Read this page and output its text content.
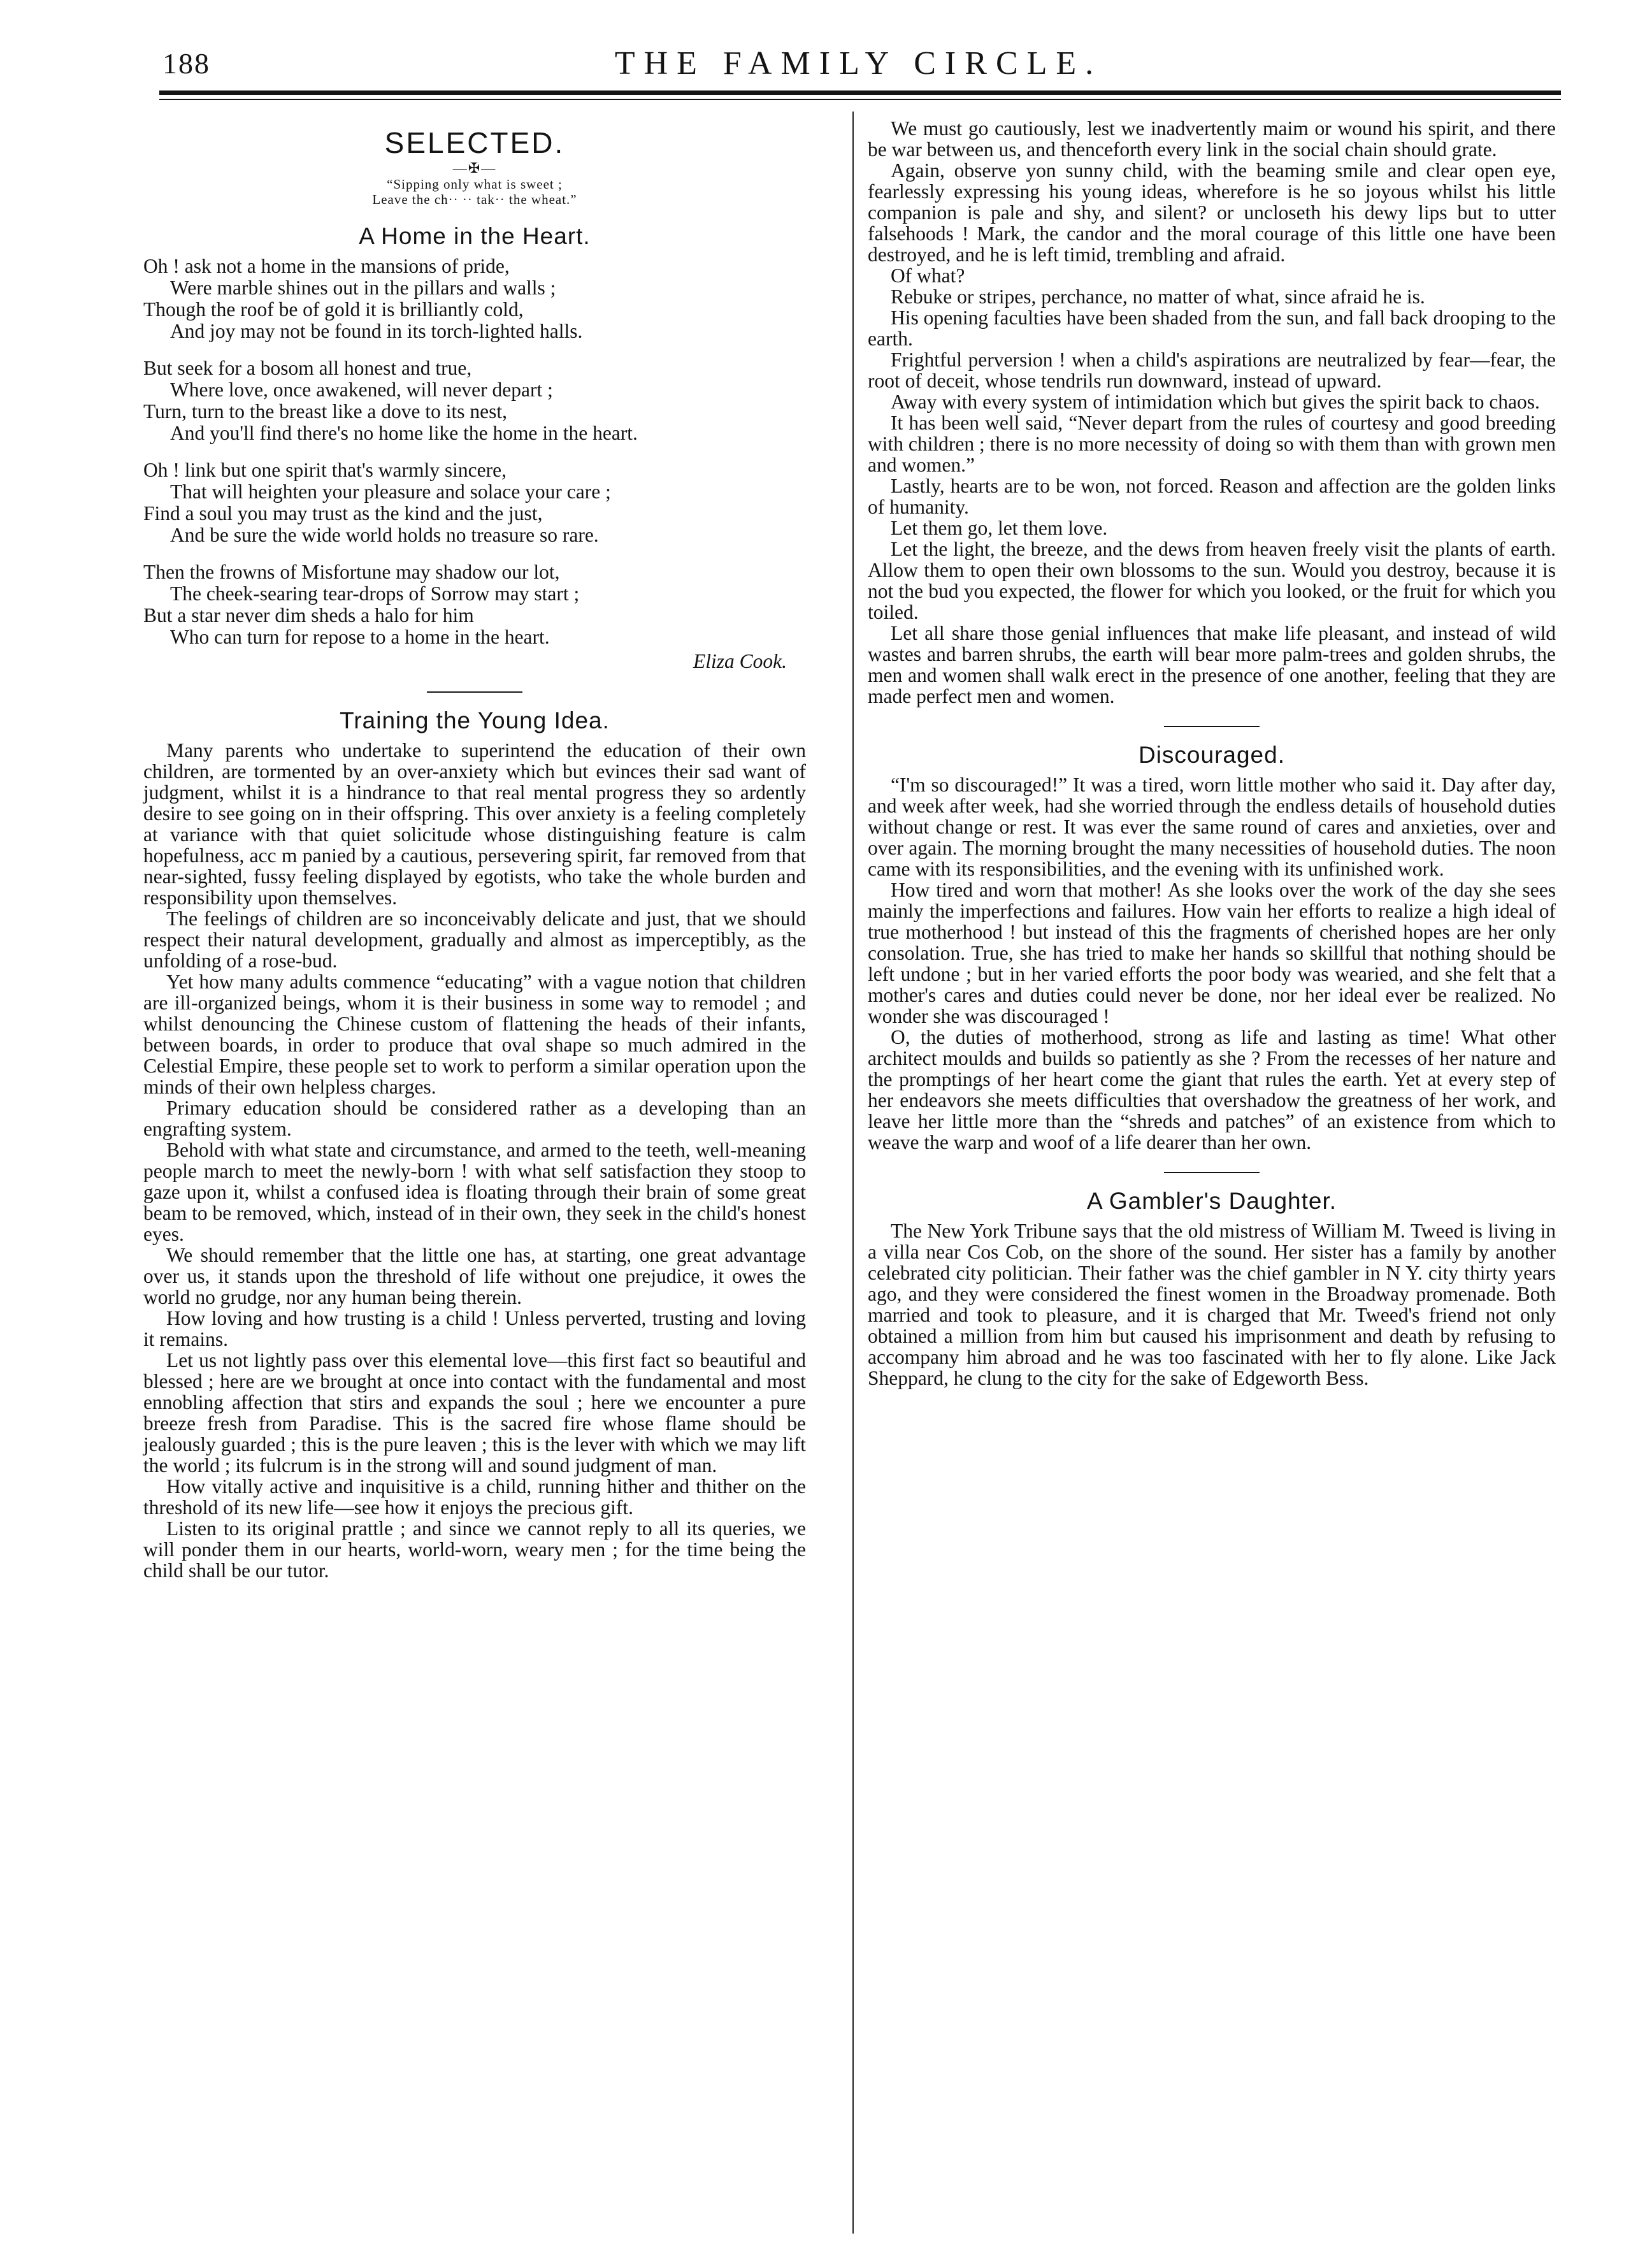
188	THE FAMILY CIRCLE.
SELECTED.
—✠—
“Sipping only what is sweet ;
Leave the ch·· ·· tak·· the wheat.”
A Home in the Heart.
Oh ! ask not a home in the mansions of pride,
Were marble shines out in the pillars and walls ;
Though the roof be of gold it is brilliantly cold,
And joy may not be found in its torch-lighted halls.
But seek for a bosom all honest and true,
Where love, once awakened, will never depart ;
Turn, turn to the breast like a dove to its nest,
And you'll find there's no home like the home in the heart.
Oh ! link but one spirit that's warmly sincere,
That will heighten your pleasure and solace your care ;
Find a soul you may trust as the kind and the just,
And be sure the wide world holds no treasure so rare.
Then the frowns of Misfortune may shadow our lot,
The cheek-searing tear-drops of Sorrow may start ;
But a star never dim sheds a halo for him
Who can turn for repose to a home in the heart.
Eliza Cook.
Training the Young Idea.

Many parents who undertake to superintend the education of their own children, are tormented by an over-anxiety which but evinces their sad want of judgment, whilst it is a hindrance to that real mental progress they so ardently desire to see going on in their offspring. This over anxiety is a feeling completely at variance with that quiet solicitude whose distinguishing feature is calm hopefulness, acc m panied by a cautious, persevering spirit, far removed from that near-sighted, fussy feeling displayed by egotists, who take the whole burden and responsibility upon themselves.

The feelings of children are so inconceivably delicate and just, that we should respect their natural development, gradually and almost as imperceptibly, as the unfolding of a rose-bud.

Yet how many adults commence “educating” with a vague notion that children are ill-organized beings, whom it is their business in some way to remodel ; and whilst denouncing the Chinese custom of flattening the heads of their infants, between boards, in order to produce that oval shape so much admired in the Celestial Empire, these people set to work to perform a similar operation upon the minds of their own helpless charges.

Primary education should be considered rather as a developing than an engrafting system.

Behold with what state and circumstance, and armed to the teeth, well-meaning people march to meet the newly-born ! with what self satisfaction they stoop to gaze upon it, whilst a confused idea is floating through their brain of some great beam to be removed, which, instead of in their own, they seek in the child's honest eyes.

We should remember that the little one has, at starting, one great advantage over us, it stands upon the threshold of life without one prejudice, it owes the world no grudge, nor any human being therein.

How loving and how trusting is a child ! Unless perverted, trusting and loving it remains.

Let us not lightly pass over this elemental love—this first fact so beautiful and blessed ; here are we brought at once into contact with the fundamental and most ennobling affection that stirs and expands the soul ; here we encounter a pure breeze fresh from Paradise. This is the sacred fire whose flame should be jealously guarded ; this is the pure leaven ; this is the lever with which we may lift the world ; its fulcrum is in the strong will and sound judgment of man.

How vitally active and inquisitive is a child, running hither and thither on the threshold of its new life—see how it enjoys the precious gift.

Listen to its original prattle ; and since we cannot reply to all its queries, we will ponder them in our hearts, world-worn, weary men ; for the time being the child shall be our tutor.

We must go cautiously, lest we inadvertently maim or wound his spirit, and there be war between us, and thenceforth every link in the social chain should grate.

Again, observe yon sunny child, with the beaming smile and clear open eye, fearlessly expressing his young ideas, wherefore is he so joyous whilst his little companion is pale and shy, and silent? or uncloseth his dewy lips but to utter falsehoods ! Mark, the candor and the moral courage of this little one have been destroyed, and he is left timid, trembling and afraid.

Of what?

Rebuke or stripes, perchance, no matter of what, since afraid he is.

His opening faculties have been shaded from the sun, and fall back drooping to the earth.

Frightful perversion ! when a child's aspirations are neutralized by fear—fear, the root of deceit, whose tendrils run downward, instead of upward.

Away with every system of intimidation which but gives the spirit back to chaos.

It has been well said, “Never depart from the rules of courtesy and good breeding with children ; there is no more necessity of doing so with them than with grown men and women.”

Lastly, hearts are to be won, not forced. Reason and affection are the golden links of humanity.

Let them go, let them love.

Let the light, the breeze, and the dews from heaven freely visit the plants of earth. Allow them to open their own blossoms to the sun. Would you destroy, because it is not the bud you expected, the flower for which you looked, or the fruit for which you toiled.

Let all share those genial influences that make life pleasant, and instead of wild wastes and barren shrubs, the earth will bear more palm-trees and golden shrubs, the men and women shall walk erect in the presence of one another, feeling that they are made perfect men and women.

Discouraged.

“I'm so discouraged!” It was a tired, worn little mother who said it. Day after day, and week after week, had she worried through the endless details of household duties without change or rest. It was ever the same round of cares and anxieties, over and over again. The morning brought the many necessities of household duties. The noon came with its responsibilities, and the evening with its unfinished work.

How tired and worn that mother! As she looks over the work of the day she sees mainly the imperfections and failures. How vain her efforts to realize a high ideal of true motherhood ! but instead of this the fragments of cherished hopes are her only consolation. True, she has tried to make her hands so skillful that nothing should be left undone ; but in her varied efforts the poor body was wearied, and she felt that a mother's cares and duties could never be done, nor her ideal ever be realized. No wonder she was discouraged !

O, the duties of motherhood, strong as life and lasting as time! What other architect moulds and builds so patiently as she ? From the recesses of her nature and the promptings of her heart come the giant that rules the earth. Yet at every step of her endeavors she meets difficulties that overshadow the greatness of her work, and leave her little more than the “shreds and patches” of an existence from which to weave the warp and woof of a life dearer than her own.

A Gambler's Daughter.

The New York Tribune says that the old mistress of William M. Tweed is living in a villa near Cos Cob, on the shore of the sound. Her sister has a family by another celebrated city politician. Their father was the chief gambler in N Y. city thirty years ago, and they were considered the finest women in the Broadway promenade. Both married and took to pleasure, and it is charged that Mr. Tweed's friend not only obtained a million from him but caused his imprisonment and death by refusing to accompany him abroad and he was too fascinated with her to fly alone. Like Jack Sheppard, he clung to the city for the sake of Edgeworth Bess.
